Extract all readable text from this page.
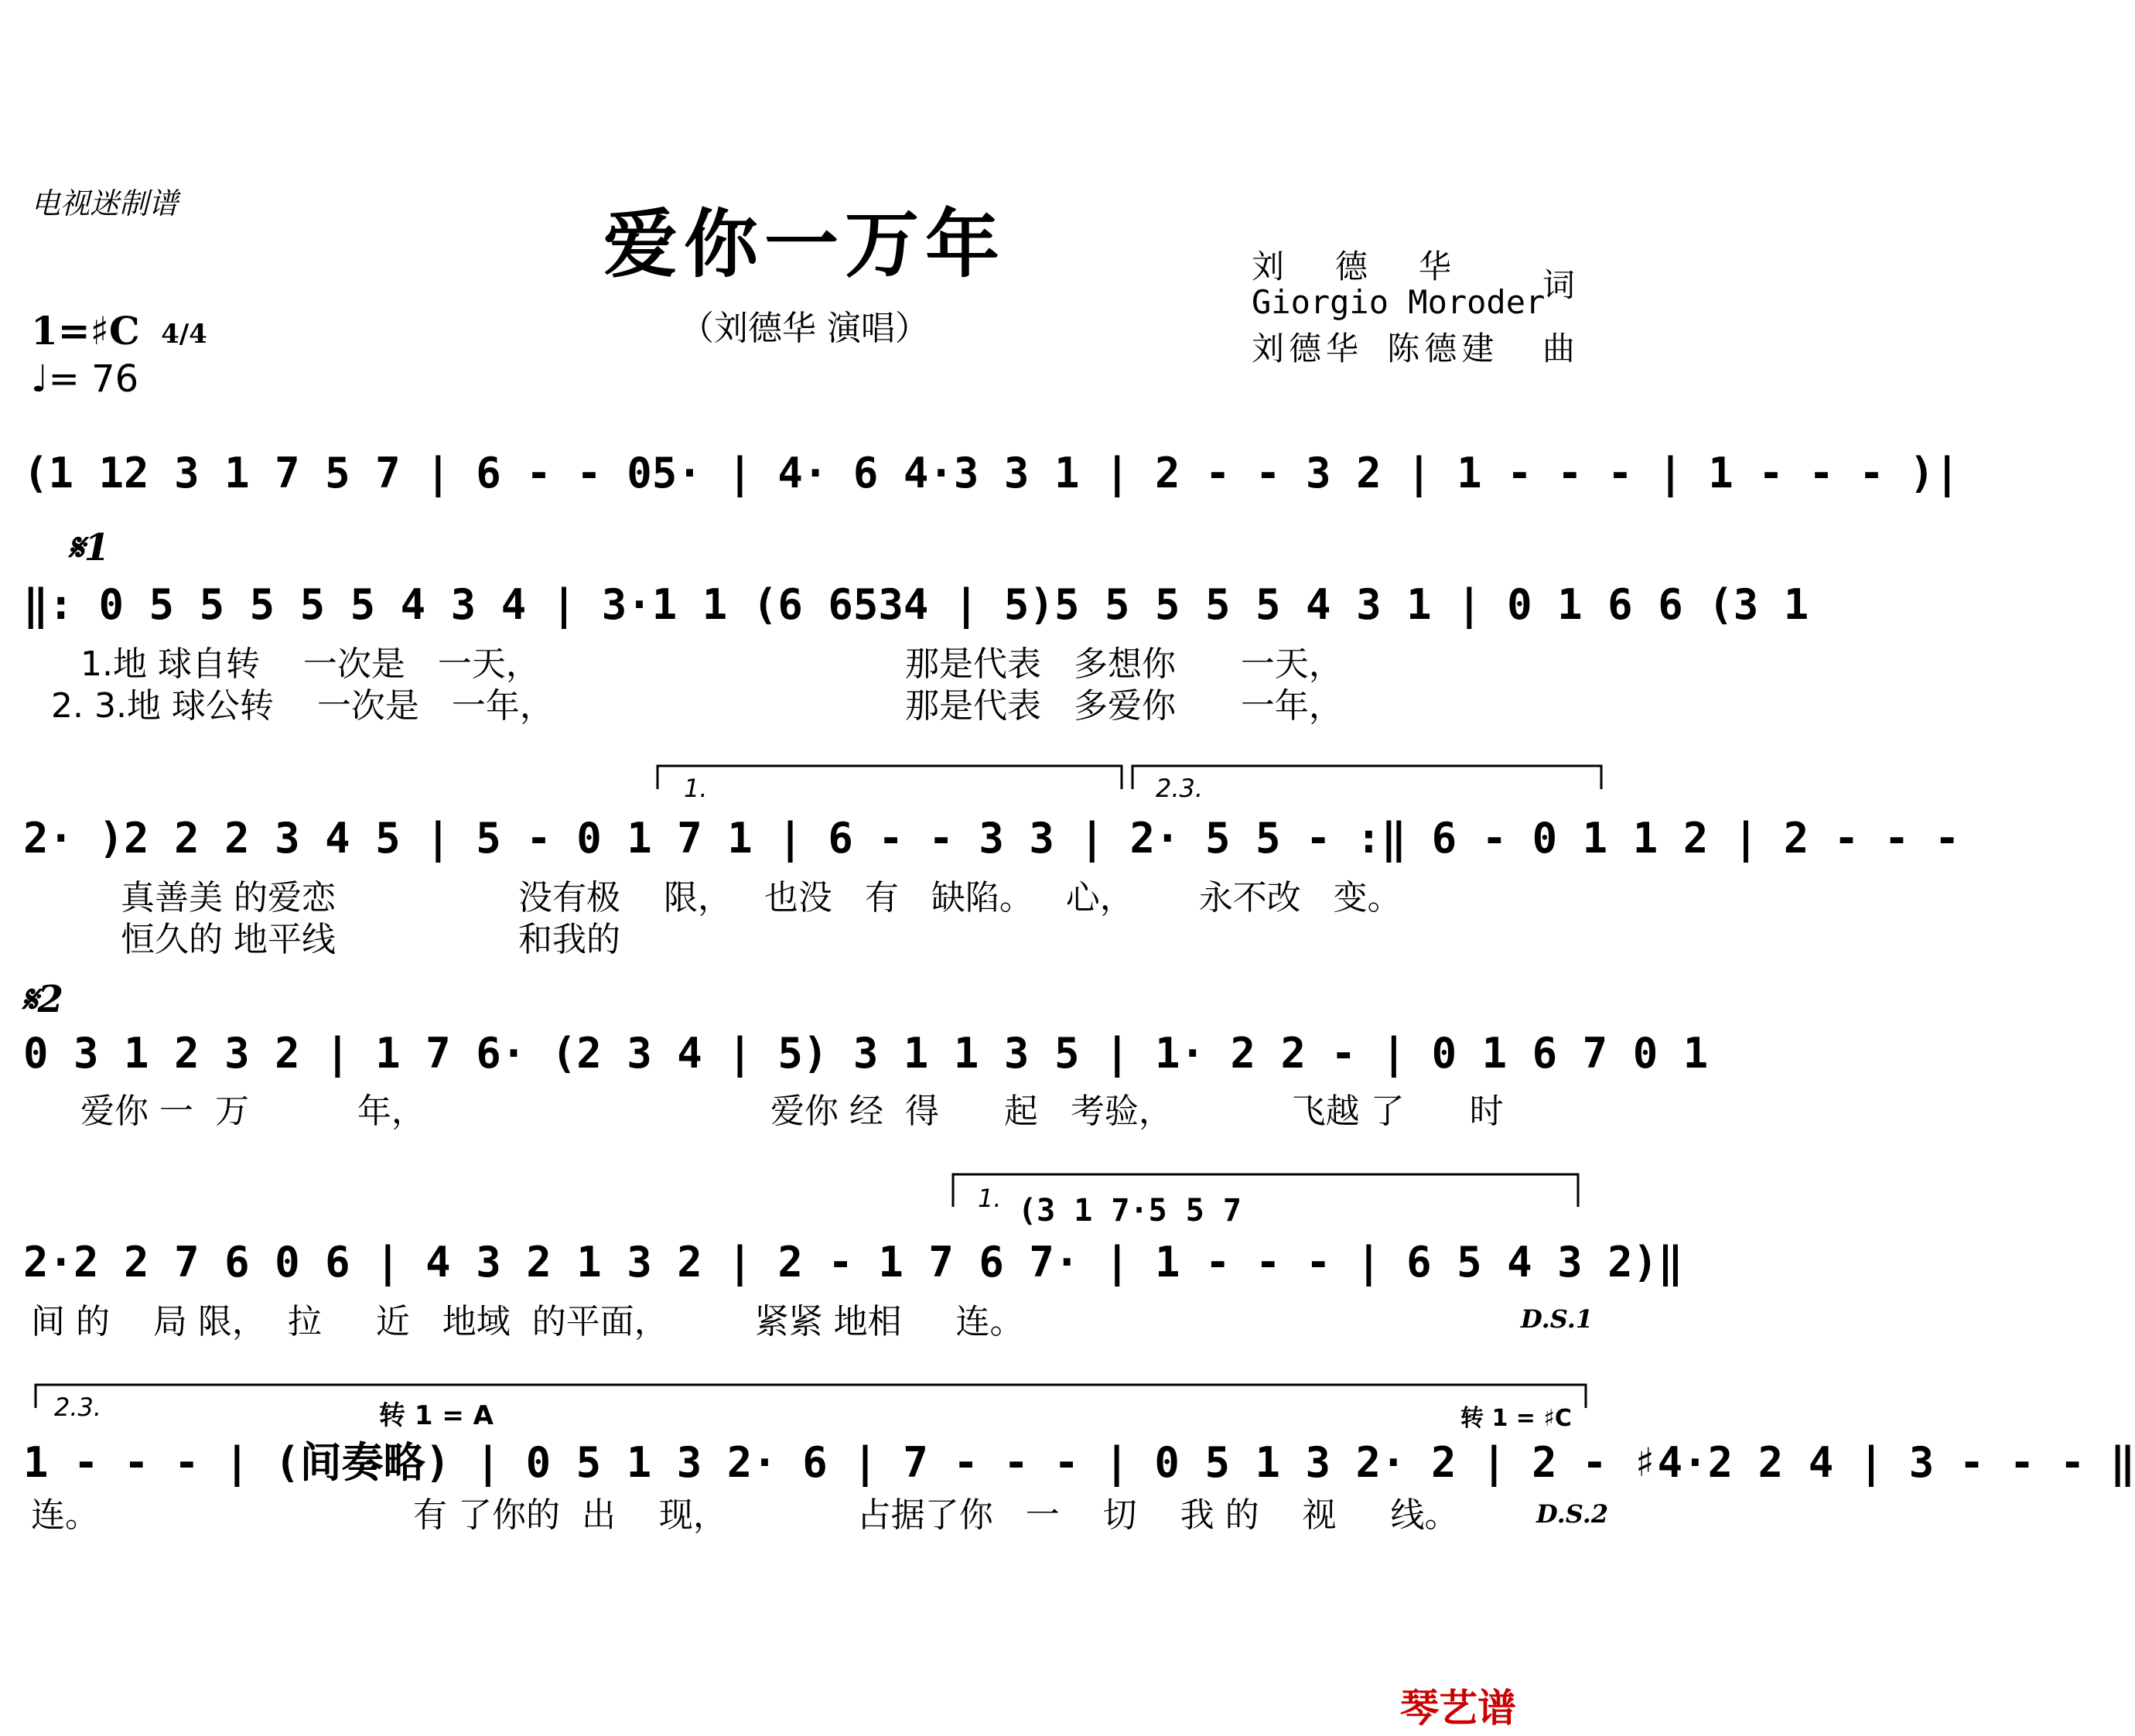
电视迷制谱	爱你一万年
（刘德华 演唱）
刘　德　华
Giorgio Moroder
词
刘德华 陈德建 曲
1=♯C 4/4
♩= 76
(1 12 3 1 7 5 7 | 6 - - 05· | 4· 6 4·3 3 1 | 2 - - 3 2 | 1 - - - | 1 - - - )|
𝄋1
‖: 0 5 5 5 5 5 4 3 4 | 3·1 1 (6 6534 | 5)5 5 5 5 5 4 3 1 | 0 1 6 6 (3 1

1.地 球自转    一次是   一天，

	那是代表   多想你      一天，

2. 3.地 球公转    一次是   一年，

	那是代表   多爱你      一年，

1.	2.3.
2· )2 2 2 3 4 5 | 5 - 0 1 7 1 | 6 - - 3 3 | 2· 5 5 - :‖ 6 - 0 1 1 2 | 2 - - -

真善美 的爱恋

	没有极    限，   也没   有   缺陷。   心，      永不改   变。

恒久的 地平线

	和我的

𝄋2
0 3 1 2 3 2 | 1 7 6· (2 3 4 | 5) 3 1 1 3 5 | 1· 2 2 - | 0 1 6 7 0 1

爱你 一  万          年，

	爱你 经  得      起   考验，           飞越 了      时

1. (3 1 7·5 5 7
2·2 2 7 6 0 6 | 4 3 2 1 3 2 | 2 - 1 7 6 7· | 1 - - - | 6 5 4 3 2)‖

间 的    局 限，  拉     近   地域  的平面，        紧紧 地相     连。	D.S.1
2.3.	转 1 = A	转 1 = ♯C
1 - - - | (间奏略) | 0 5 1 3 2· 6 | 7 - - - | 0 5 1 3 2· 2 | 2 - ♯4·2 2 4 | 3 - - - ‖

连。

	有 了你的  出    现，            占据了你   一    切    我 的    视     线。	D.S.2
琴艺谱
